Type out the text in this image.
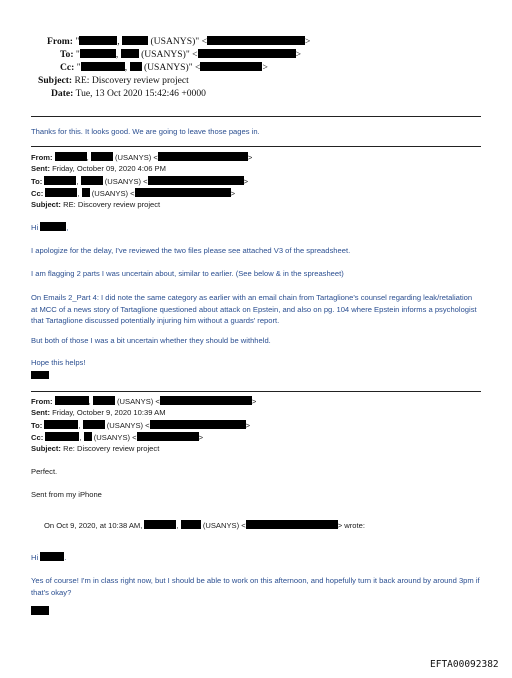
From: "	,	(USANYS)" <	>
To: "	, (USANYS)" <	>
Cc: "	, (USANYS)" <	>
Subject: RE: Discovery review project
Date: Tue, 13 Oct 2020 15:42:46 +0000
Thanks for this. It looks good. We are going to leave those pages in.
From:	,	(USANYS) <	>
Sent: Friday, October 09, 2020 4:06 PM
To:	,	(USANYS) <	>
Cc:	, (USANYS) <	>
Subject: RE: Discovery review project
Hi	,
I apologize for the delay, I've reviewed the two files please see attached V3 of the spreadsheet.
I am flagging 2 parts I was uncertain about, similar to earlier. (See below & in the spreasheet)
On Emails 2_Part 4: I did note the same category as earlier with an email chain from Tartaglione's counsel regarding leak/retaliation at MCC of a news story of Tartaglione questioned about attack on Epstein, and also on pg. 104 where Epstein informs a psychologist that Tartaglione discussed potentially injuring him without a guards' report.
But both of those I was a bit uncertain whether they should be withheld.
Hope this helps!
From:	,	(USANYS) <	>
Sent: Friday, October 9, 2020 10:39 AM
To:	,	(USANYS) <	>
Cc:	, (USANYS) <	>
Subject: Re: Discovery review project
Perfect.
Sent from my iPhone
On Oct 9, 2020, at 10:38 AM,	,	(USANYS) <	> wrote:
Hi	.
Yes of course! I'm in class right now, but I should be able to work on this afternoon, and hopefully turn it back around by around 3pm if that's okay?
EFTA00092382
